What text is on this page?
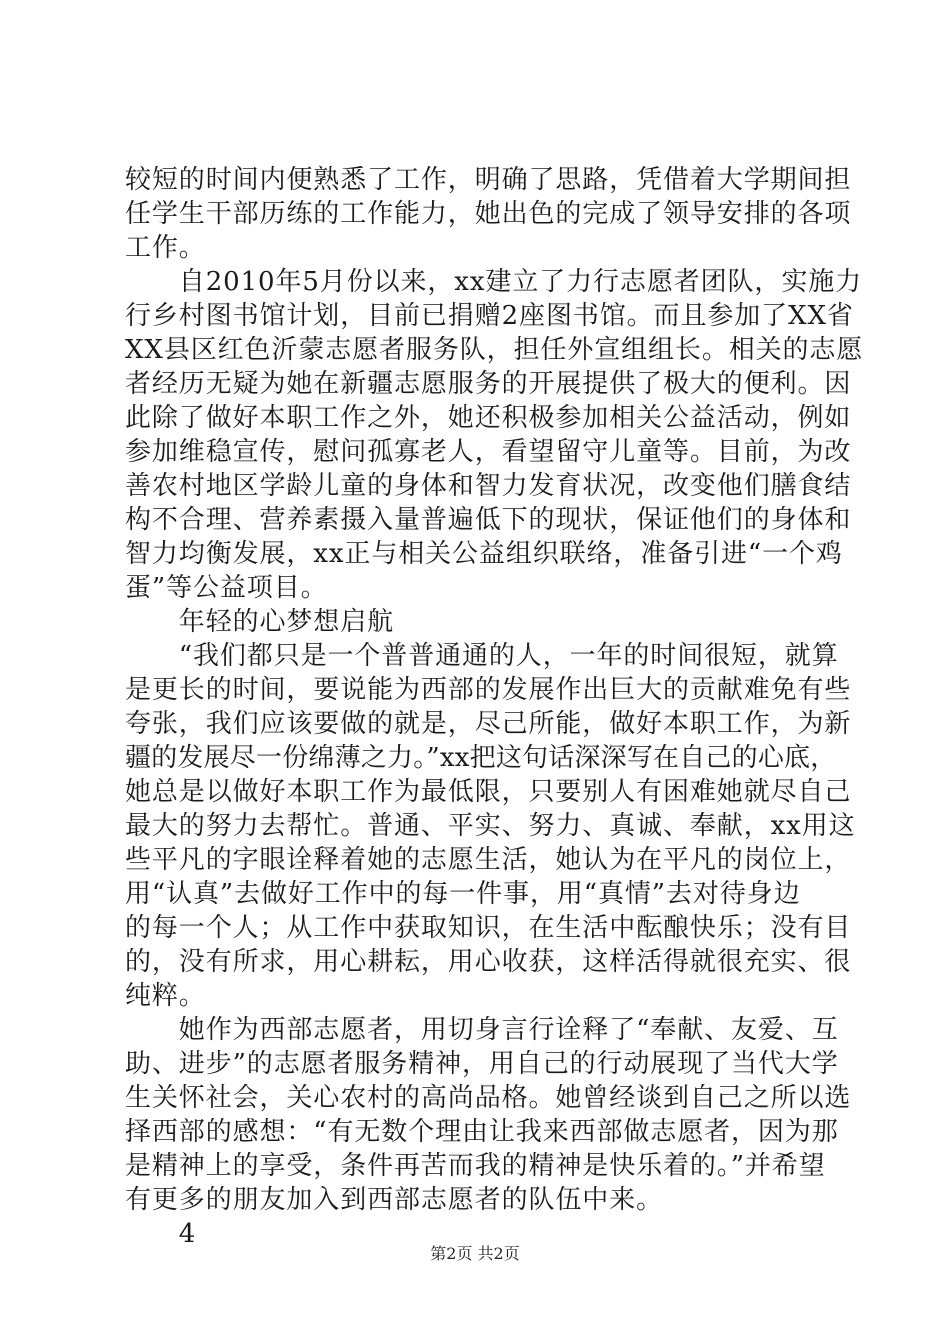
较短的时间内便熟悉了工作，明确了思路，凭借着大学期间担
任学生干部历练的工作能力，她出色的完成了领导安排的各项
工作。
　　自2010年5月份以来，xx建立了力行志愿者团队，实施力
行乡村图书馆计划，目前已捐赠2座图书馆。而且参加了XX省
XX县区红色沂蒙志愿者服务队，担任外宣组组长。相关的志愿
者经历无疑为她在新疆志愿服务的开展提供了极大的便利。因
此除了做好本职工作之外，她还积极参加相关公益活动，例如
参加维稳宣传，慰问孤寡老人，看望留守儿童等。目前，为改
善农村地区学龄儿童的身体和智力发育状况，改变他们膳食结
构不合理、营养素摄入量普遍低下的现状，保证他们的身体和
智力均衡发展，xx正与相关公益组织联络，准备引进“一个鸡
蛋”等公益项目。
　　年轻的心梦想启航
　　“我们都只是一个普普通通的人，一年的时间很短，就算
是更长的时间，要说能为西部的发展作出巨大的贡献难免有些
夸张，我们应该要做的就是，尽己所能，做好本职工作，为新
疆的发展尽一份绵薄之力。”xx把这句话深深写在自己的心底，
她总是以做好本职工作为最低限，只要别人有困难她就尽自己
最大的努力去帮忙。普通、平实、努力、真诚、奉献，xx用这
些平凡的字眼诠释着她的志愿生活，她认为在平凡的岗位上，
用“认真”去做好工作中的每一件事，用“真情”去对待身边
的每一个人；从工作中获取知识，在生活中酝酿快乐；没有目
的，没有所求，用心耕耘，用心收获，这样活得就很充实、很
纯粹。
　　她作为西部志愿者，用切身言行诠释了“奉献、友爱、互
助、进步”的志愿者服务精神，用自己的行动展现了当代大学
生关怀社会，关心农村的高尚品格。她曾经谈到自己之所以选
择西部的感想：“有无数个理由让我来西部做志愿者，因为那
是精神上的享受，条件再苦而我的精神是快乐着的。”并希望
有更多的朋友加入到西部志愿者的队伍中来。
　　4
第2页 共2页
